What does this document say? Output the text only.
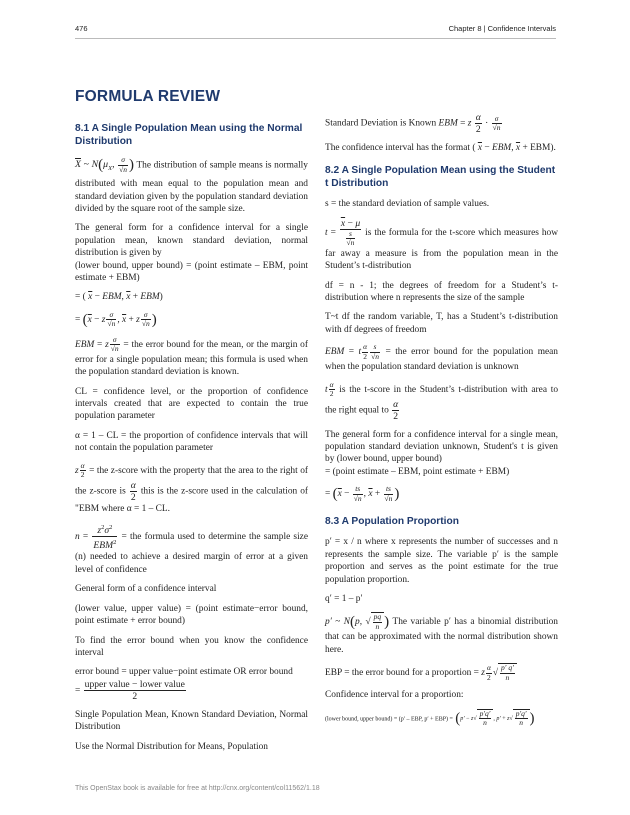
476	Chapter 8 | Confidence Intervals
FORMULA REVIEW
8.1 A Single Population Mean using the Normal Distribution

$\overline{X}$ ~ $N(\mu_X$, $\frac{\sigma}{√n}$ ) The distribution of sample means is normally distributed with mean equal to the population mean and standard deviation given by the population standard deviation divided by the square root of the sample size.

The general form for a confidence interval for a single population mean, known standard deviation, normal distribution is given by
(lower bound, upper bound) = (point estimate – EBM, point estimate + EBM)

= ( $\overline{x}$ − EBM, $\overline{x} + EBM$)
= ($\overline{x} - z \frac{\sigma}{√n}$ , $\overline{x} + z \frac{\sigma}{√n}$ )

EBM = z $\frac{\sigma}{√n}$ = the error bound for the mean, or the margin of error for a single population mean; this formula is used when the population standard deviation is known.

CL = confidence level, or the proportion of confidence intervals created that are expected to contain the true population parameter

α = 1 – CL = the proportion of confidence intervals that will not contain the population parameter

z $\frac{\alpha}{2}$ = the z-score with the property that the area to the right of the z-score is $\frac{\alpha}{2}$ this is the z-score used in the calculation of "EBM where α = 1 – CL.

$n = \frac{z^2\sigma^2}{EBM^2}$ = the formula used to determine the sample size (n) needed to achieve a desired margin of error at a given level of confidence

General form of a confidence interval

(lower value, upper value) = (point estimate−error bound, point estimate + error bound)

To find the error bound when you know the confidence interval

error bound = upper value−point estimate OR error bound
= $\frac{\text{upper value − lower value}}{2}$

Single Population Mean, Known Standard Deviation, Normal Distribution

Use the Normal Distribution for Means, Population

Standard Deviation is Known EBM = z $\frac{\alpha}{2} \cdot \frac{\sigma}{√n}$

The confidence interval has the format ( $\overline{x}$ − EBM, $\overline{x} + EBM$).

8.2 A Single Population Mean using the Student t Distribution

s = the standard deviation of sample values.

$t = \frac{\overline{x} - \mu}{\frac{s}{√n}}$ is the formula for the t-score which measures how far away a measure is from the population mean in the Student’s t-distribution

df = n - 1; the degrees of freedom for a Student’s t-distribution where n represents the size of the sample

T~t df the random variable, T, has a Student’s t-distribution with df degrees of freedom

EBM = t $\frac{\alpha}{2} \frac{s}{√n}$ = the error bound for the population mean when the population standard deviation is unknown

t $\frac{\alpha}{2}$ is the t-score in the Student’s t-distribution with area to the right equal to $\frac{\alpha}{2}$

The general form for a confidence interval for a single mean, population standard deviation unknown, Student's t is given by (lower bound, upper bound)
= (point estimate – EBM, point estimate + EBM)

= ($\overline{x} - \frac{ts}{√n}$ , $\overline{x} + \frac{ts}{√n}$ )
8.3 A Population Proportion

p′ = x / n where x represents the number of successes and n represents the sample size. The variable p′ is the sample proportion and serves as the point estimate for the true population proportion.

q′ = 1 – p′

p′ ~ N(p, √ $\frac{pq}{n}$ ) The variable p′ has a binomial distribution that can be approximated with the normal distribution shown here.

EBP = the error bound for a proportion = z $\frac{\alpha}{2}$ √ $\frac{p' q'}{n}$

Confidence interval for a proportion:

(lower bound, upper bound) = (p′ – EBP, $p' + EBP) = (p' - z√ \frac{p'q'}{n}$ , $p' + z√ \frac{p'q'}{n}$ )

This OpenStax book is available for free at http://cnx.org/content/col11562/1.18
